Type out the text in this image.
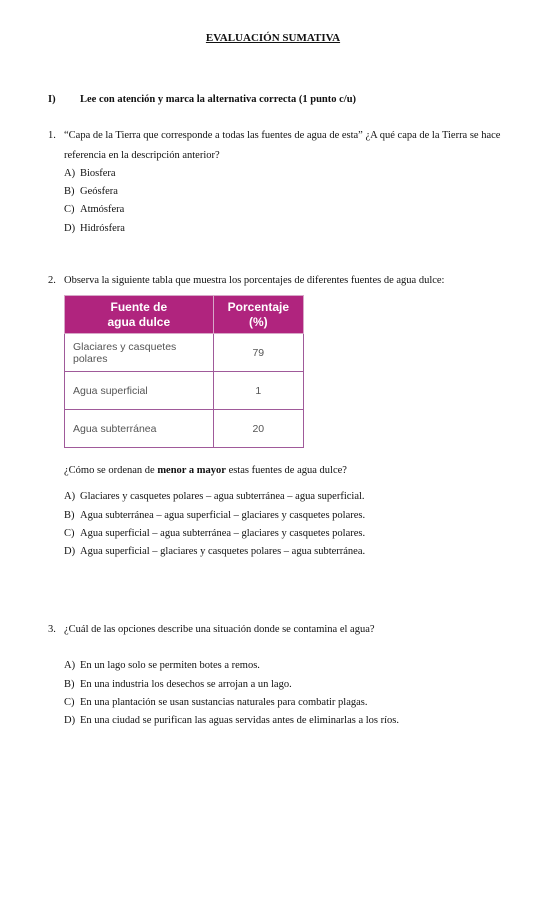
EVALUACIÓN SUMATIVA
I) Lee con atención y marca la alternativa correcta (1 punto c/u)
1. “Capa de la Tierra que corresponde a todas las fuentes de agua de esta” ¿A qué capa de la Tierra se hace
referencia en la descripción anterior?
A) Biosfera
B) Geósfera
C) Atmósfera
D) Hidrósfera
2. Observa la siguiente tabla que muestra los porcentajes de diferentes fuentes de agua dulce:
Fuente de agua dulce	Porcentaje (%)
Glaciares y casquetes polares	79
Agua superficial	1
Agua subterránea	20
¿Cómo se ordenan de menor a mayor estas fuentes de agua dulce?
A) Glaciares y casquetes polares – agua subterránea – agua superficial.
B) Agua subterránea – agua superficial – glaciares y casquetes polares.
C) Agua superficial – agua subterránea – glaciares y casquetes polares.
D) Agua superficial – glaciares y casquetes polares – agua subterránea.
3. ¿Cuál de las opciones describe una situación donde se contamina el agua?
A) En un lago solo se permiten botes a remos.
B) En una industria los desechos se arrojan a un lago.
C) En una plantación se usan sustancias naturales para combatir plagas.
D) En una ciudad se purifican las aguas servidas antes de eliminarlas a los ríos.
